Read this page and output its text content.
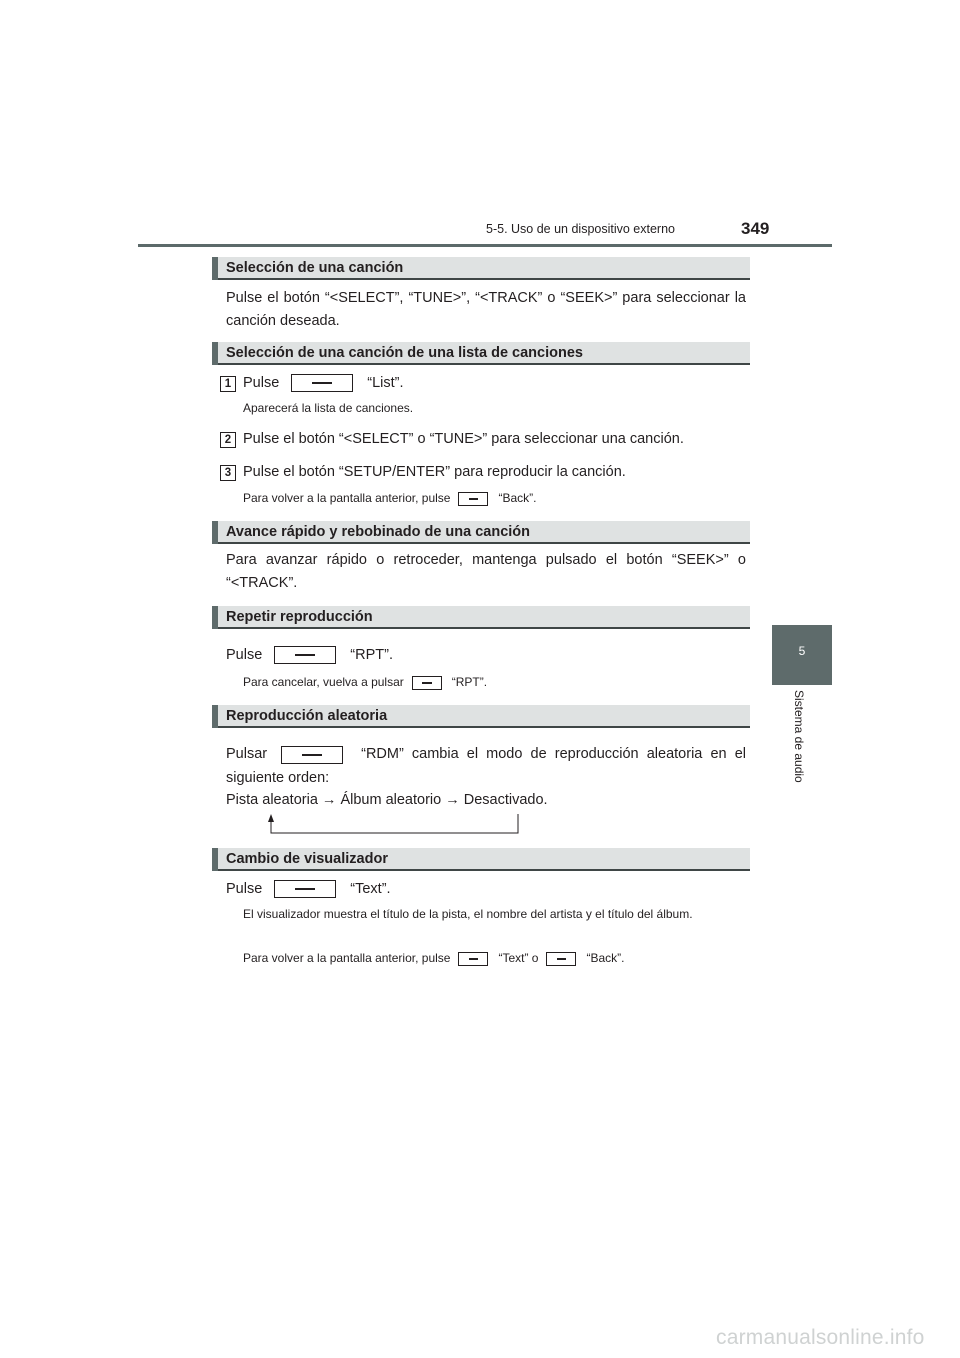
5-5. Uso de un dispositivo externo	349
5
Sistema de audio
Selección de una canción
Pulse el botón “<SELECT”, “TUNE>”, “<TRACK” o “SEEK>” para seleccionar la canción deseada.
Selección de una canción de una lista de canciones
1 Pulse	“List”.
Aparecerá la lista de canciones.
2 Pulse el botón “<SELECT” o “TUNE>” para seleccionar una canción.
3 Pulse el botón “SETUP/ENTER” para reproducir la canción.
Para volver a la pantalla anterior, pulse	“Back”.
Avance rápido y rebobinado de una canción
Para avanzar rápido o retroceder, mantenga pulsado el botón “SEEK>” o “<TRACK”.
Repetir reproducción
Pulse	“RPT”.
Para cancelar, vuelva a pulsar	“RPT”.
Reproducción aleatoria
Pulsar	“RDM” cambia el modo de reproducción aleatoria en el
siguiente orden:
Pista aleatoria → Álbum aleatorio → Desactivado.
Cambio de visualizador
Pulse	“Text”.
El visualizador muestra el título de la pista, el nombre del artista y el título del álbum.
Para volver a la pantalla anterior, pulse	“Text” o	“Back”.
carmanualsonline.info
